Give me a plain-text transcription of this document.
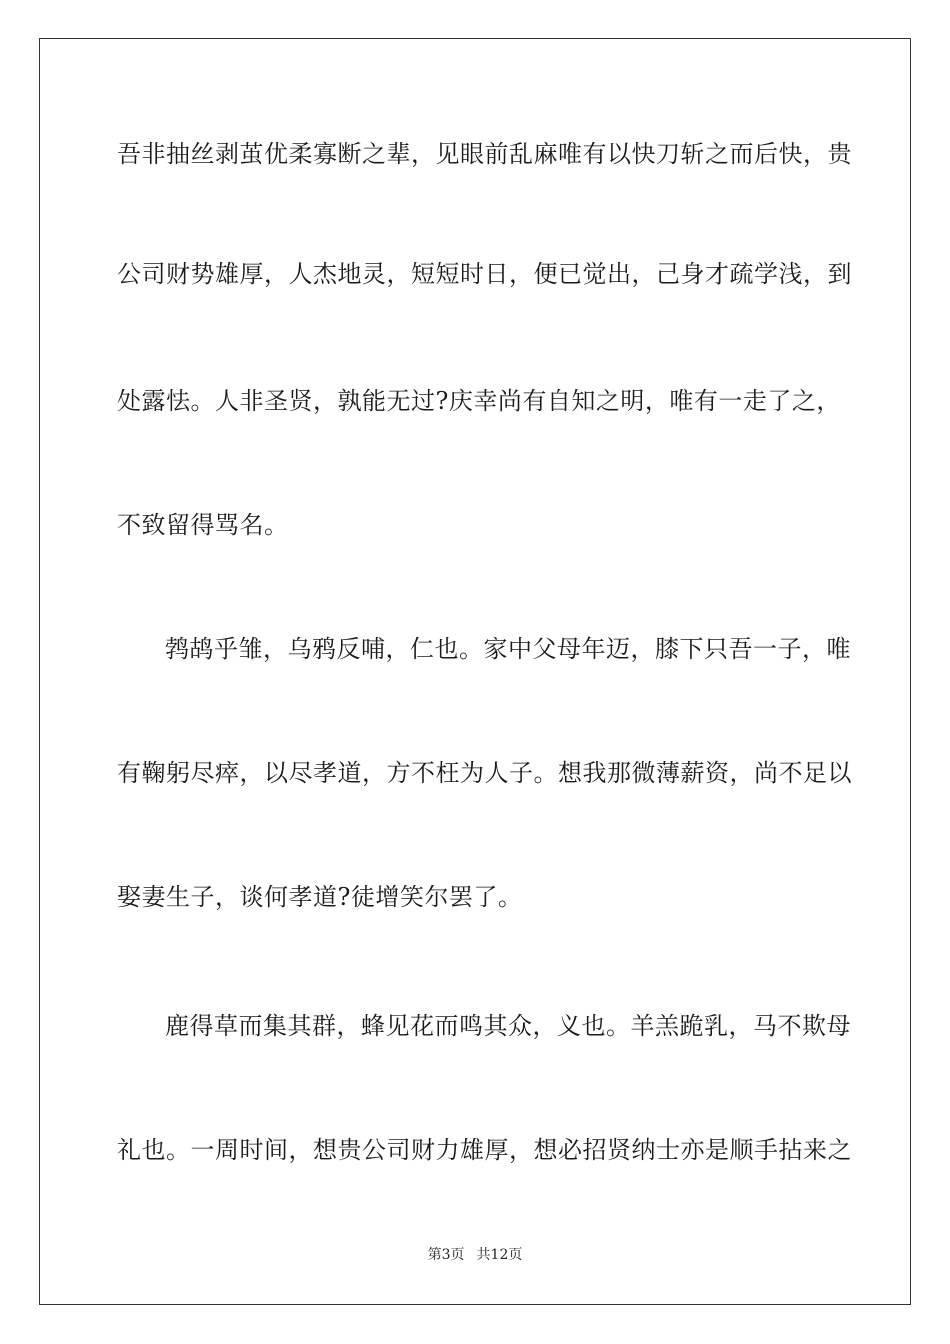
吾非抽丝剥茧优柔寡断之辈，见眼前乱麻唯有以快刀斩之而后快，贵
公司财势雄厚，人杰地灵，短短时日，便已觉出，己身才疏学浅，到
处露怯。人非圣贤，孰能无过?庆幸尚有自知之明，唯有一走了之，
不致留得骂名。
鹁鸪乎雏，乌鸦反哺，仁也。家中父母年迈，膝下只吾一子，唯
有鞠躬尽瘁，以尽孝道，方不枉为人子。想我那微薄薪资，尚不足以
娶妻生子，谈何孝道?徒增笑尔罢了。
鹿得草而集其群，蜂见花而鸣其众，义也。羊羔跪乳，马不欺母
礼也。一周时间，想贵公司财力雄厚，想必招贤纳士亦是顺手拈来之
第3页 共12页
